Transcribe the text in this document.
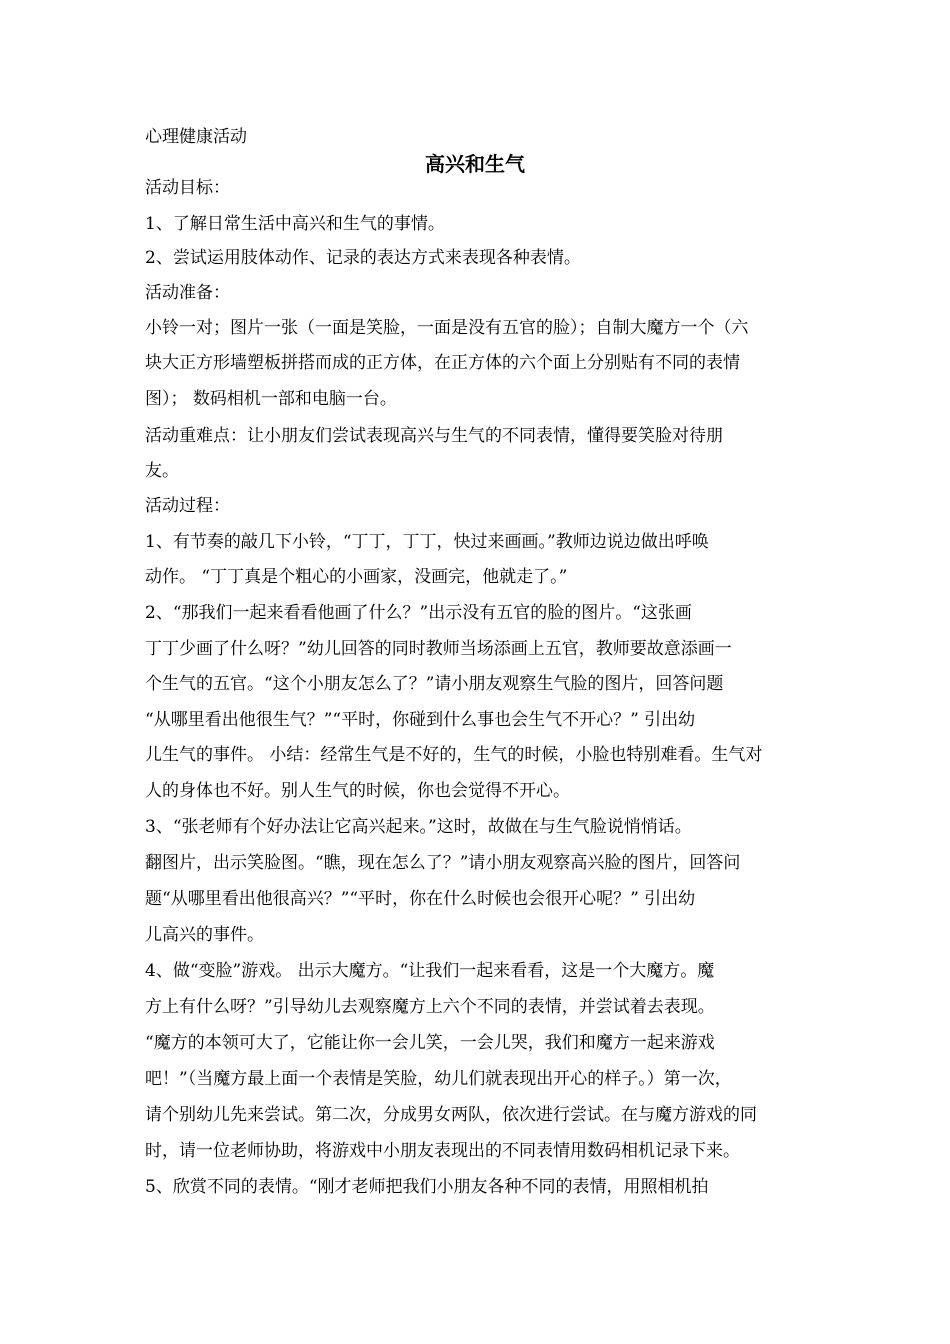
心理健康活动
高兴和生气
活动目标：
1、了解日常生活中高兴和生气的事情。
2、尝试运用肢体动作、记录的表达方式来表现各种表情。
活动准备：
小铃一对；图片一张（一面是笑脸，一面是没有五官的脸）；自制大魔方一个（六
块大正方形墙塑板拼搭而成的正方体，在正方体的六个面上分别贴有不同的表情
图）； 数码相机一部和电脑一台。
活动重难点：让小朋友们尝试表现高兴与生气的不同表情，懂得要笑脸对待朋
友。
活动过程：
1、有节奏的敲几下小铃，“丁丁，丁丁，快过来画画。”教师边说边做出呼唤
动作。 “丁丁真是个粗心的小画家，没画完，他就走了。”
2、“那我们一起来看看他画了什么？”出示没有五官的脸的图片。“这张画
丁丁少画了什么呀？”幼儿回答的同时教师当场添画上五官，教师要故意添画一
个生气的五官。“这个小朋友怎么了？”请小朋友观察生气脸的图片，回答问题
“从哪里看出他很生气？”“平时，你碰到什么事也会生气不开心？” 引出幼
儿生气的事件。 小结：经常生气是不好的，生气的时候，小脸也特别难看。生气对
人的身体也不好。别人生气的时候，你也会觉得不开心。
3、“张老师有个好办法让它高兴起来。”这时，故做在与生气脸说悄悄话。
翻图片，出示笑脸图。“瞧，现在怎么了？”请小朋友观察高兴脸的图片，回答问
题“从哪里看出他很高兴？”“平时，你在什么时候也会很开心呢？” 引出幼
儿高兴的事件。
4、做“变脸”游戏。 出示大魔方。“让我们一起来看看，这是一个大魔方。魔
方上有什么呀？”引导幼儿去观察魔方上六个不同的表情，并尝试着去表现。
“魔方的本领可大了，它能让你一会儿笑，一会儿哭，我们和魔方一起来游戏
吧！”（当魔方最上面一个表情是笑脸，幼儿们就表现出开心的样子。）第一次，
请个别幼儿先来尝试。第二次，分成男女两队，依次进行尝试。在与魔方游戏的同
时，请一位老师协助，将游戏中小朋友表现出的不同表情用数码相机记录下来。
5、欣赏不同的表情。“刚才老师把我们小朋友各种不同的表情，用照相机拍
